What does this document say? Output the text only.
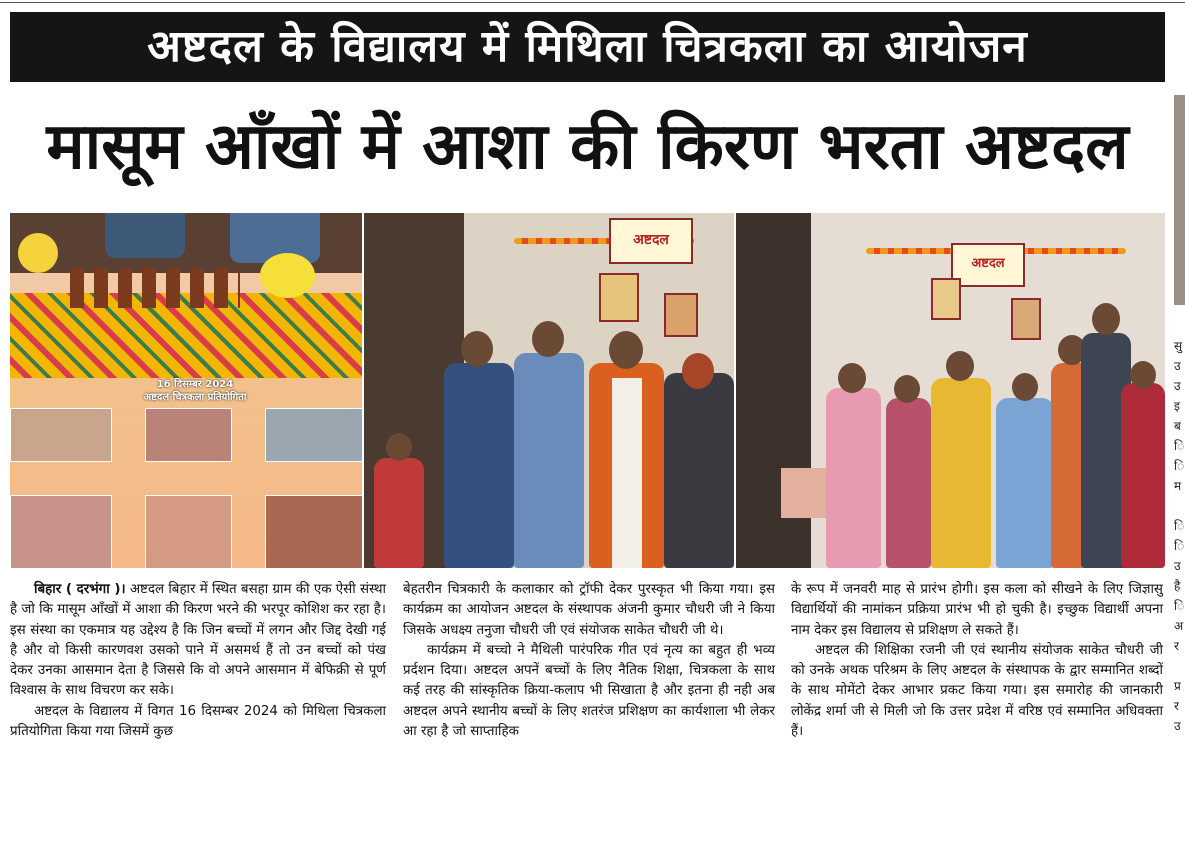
अष्टदल के विद्यालय में मिथिला चित्रकला का आयोजन
मासूम आँखों में आशा की किरण भरता अष्टदल
16 दिसम्बर 2024
अष्टदल चित्रकला प्रतियोगिता
अष्टदल
अष्टदल

बिहार ( दरभंगा )। अष्टदल बिहार में स्थित बसहा ग्राम की एक ऐसी संस्था है जो कि मासूम आँखों में आशा की किरण भरने की भरपूर कोशिश कर रहा है। इस संस्था का एकमात्र यह उद्देश्य है कि जिन बच्चों में लगन और जिद्द देखी गई है और वो किसी कारणवश उसको पाने में असमर्थ हैं तो उन बच्चों को पंख देकर उनका आसमान देता है जिससे कि वो अपने आसमान में बेफिक्री से पूर्ण विश्वास के साथ विचरण कर सके।

अष्टदल के विद्यालय में विगत 16 दिसम्बर 2024 को मिथिला चित्रकला प्रतियोगिता किया गया जिसमें कुछ

बेहतरीन चित्रकारी के कलाकार को ट्रॉफी देकर पुरस्कृत भी किया गया। इस कार्यक्रम का आयोजन अष्टदल के संस्थापक अंजनी कुमार चौधरी जी ने किया जिसके अधक्ष्य तनुजा चौधरी जी एवं संयोजक साकेत चौधरी जी थे।

कार्यक्रम में बच्चो ने मैथिली पारंपरिक गीत एवं नृत्य का बहुत ही भव्य प्रर्दशन दिया। अष्टदल अपनें बच्चों के लिए नैतिक शिक्षा, चित्रकला के साथ कई तरह की सांस्कृतिक क्रिया-कलाप भी सिखाता है और इतना ही नही अब अष्टदल अपने स्थानीय बच्चों के लिए शतरंज प्रशिक्षण का कार्यशाला भी लेकर आ रहा है जो साप्ताहिक

के रूप में जनवरी माह से प्रारंभ होगी। इस कला को सीखने के लिए जिज्ञासु विद्यार्थियों की नामांकन प्रक्रिया प्रारंभ भी हो चुकी है। इच्छुक विद्यार्थी अपना नाम देकर इस विद्यालय से प्रशिक्षण ले सकते हैं।

अष्टदल की शिक्षिका रजनी जी एवं स्थानीय संयोजक साकेत चौधरी जी को उनके अथक परिश्रम के लिए अष्टदल के संस्थापक के द्वार सम्मानित शब्दों के साथ मोमेंटो देकर आभार प्रकट किया गया। इस समारोह की जानकारी लोकेंद्र शर्मा जी से मिली जो कि उत्तर प्रदेश में वरिष्ठ एवं सम्मानित अधिवक्ता हैं।

सु
उ
उ
इ
ब
ि
ि
म
ि
ि
उ
है
ि
अ
र
प्र
र
उ
